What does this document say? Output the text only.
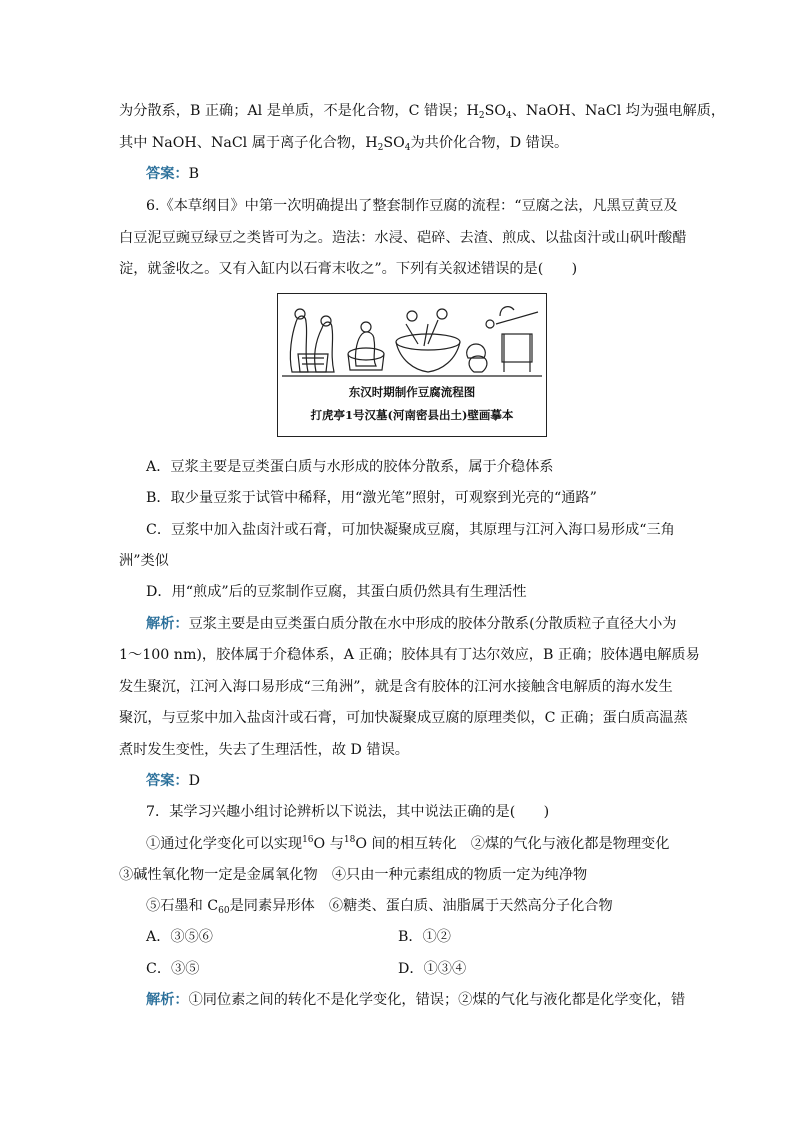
为分散系，B 正确；Al 是单质，不是化合物，C 错误；$H_2SO_4$、NaOH、NaCl 均为强电解质，
其中 NaOH、NaCl 属于离子化合物，$H_2SO_4$为共价化合物，D 错误。
答案：B
6.《本草纲目》中第一次明确提出了整套制作豆腐的流程：“豆腐之法，凡黑豆黄豆及
白豆泥豆豌豆绿豆之类皆可为之。造法：水浸、硙碎、去渣、煎成、以盐卤汁或山矾叶酸醋
淀，就釜收之。又有入缸内以石膏末收之”。下列有关叙述错误的是(　　)
东汉时期制作豆腐流程图
打虎亭1号汉墓(河南密县出土)壁画摹本
A．豆浆主要是豆类蛋白质与水形成的胶体分散系，属于介稳体系
B．取少量豆浆于试管中稀释，用“激光笔”照射，可观察到光亮的“通路”
C．豆浆中加入盐卤汁或石膏，可加快凝聚成豆腐，其原理与江河入海口易形成“三角
洲”类似
D．用“煎成”后的豆浆制作豆腐，其蛋白质仍然具有生理活性
解析：豆浆主要是由豆类蛋白质分散在水中形成的胶体分散系(分散质粒子直径大小为
1～100 nm)，胶体属于介稳体系，A 正确；胶体具有丁达尔效应，B 正确；胶体遇电解质易
发生聚沉，江河入海口易形成“三角洲”，就是含有胶体的江河水接触含电解质的海水发生
聚沉，与豆浆中加入盐卤汁或石膏，可加快凝聚成豆腐的原理类似，C 正确；蛋白质高温蒸
煮时发生变性，失去了生理活性，故 D 错误。
答案：D
7．某学习兴趣小组讨论辨析以下说法，其中说法正确的是(　　)
①通过化学变化可以实现$^{16}$O 与$^{18}$O 间的相互转化　②煤的气化与液化都是物理变化
③碱性氧化物一定是金属氧化物　④只由一种元素组成的物质一定为纯净物
⑤石墨和 $C_{60}$是同素异形体　⑥糖类、蛋白质、油脂属于天然高分子化合物
A．③⑤⑥	B．①②
C．③⑤	D．①③④
解析：①同位素之间的转化不是化学变化，错误；②煤的气化与液化都是化学变化，错
